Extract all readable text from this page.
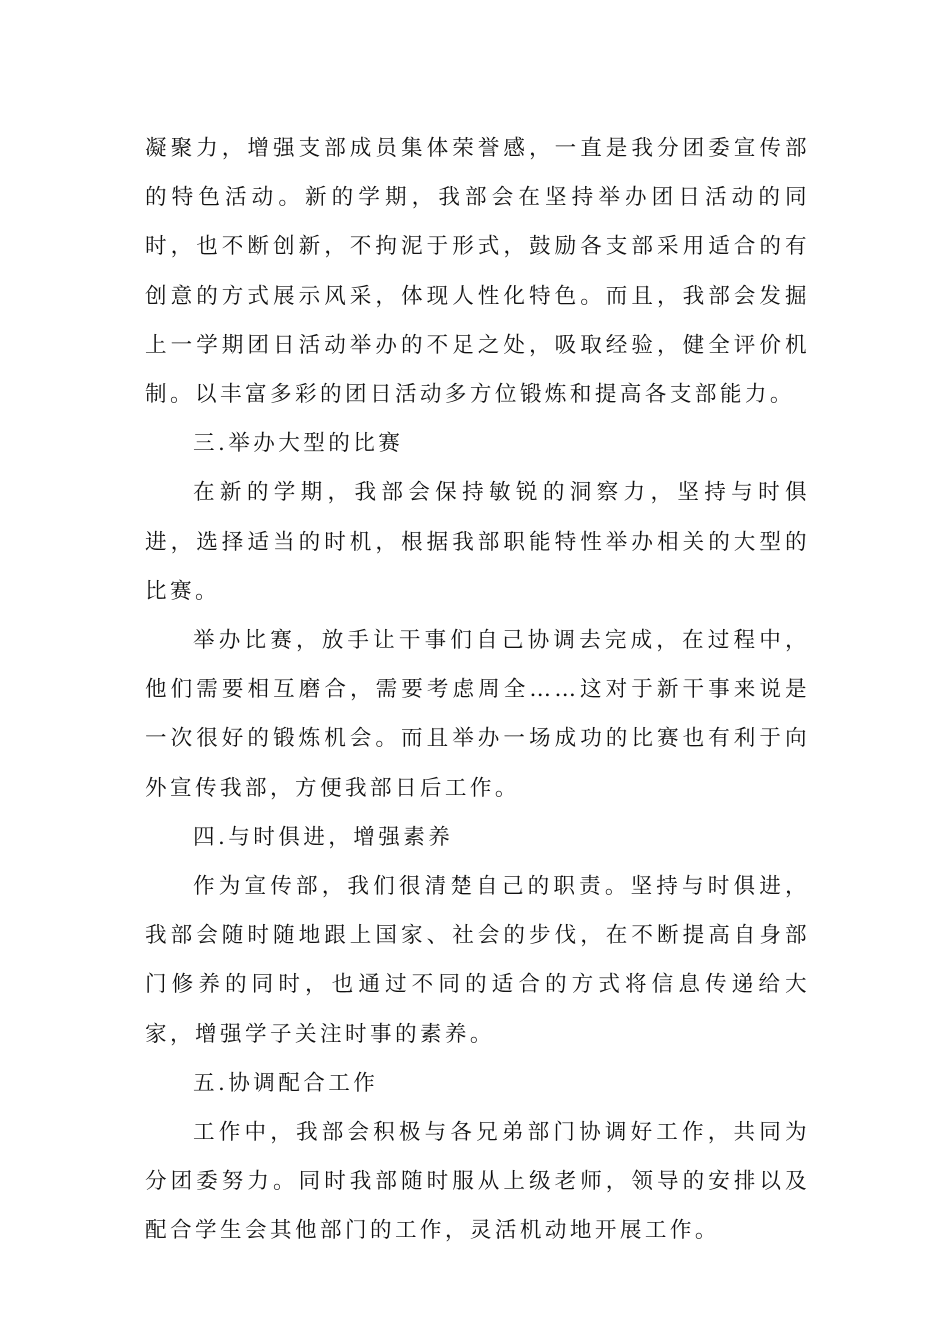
凝聚力，增强支部成员集体荣誉感，一直是我分团委宣传部的特色活动。新的学期，我部会在坚持举办团日活动的同时，也不断创新，不拘泥于形式，鼓励各支部采用适合的有创意的方式展示风采，体现人性化特色。而且，我部会发掘上一学期团日活动举办的不足之处，吸取经验，健全评价机制。以丰富多彩的团日活动多方位锻炼和提高各支部能力。

三.举办大型的比赛

在新的学期，我部会保持敏锐的洞察力，坚持与时俱进，选择适当的时机，根据我部职能特性举办相关的大型的比赛。

举办比赛，放手让干事们自己协调去完成，在过程中，他们需要相互磨合，需要考虑周全……这对于新干事来说是一次很好的锻炼机会。而且举办一场成功的比赛也有利于向外宣传我部，方便我部日后工作。

四.与时俱进，增强素养

作为宣传部，我们很清楚自己的职责。坚持与时俱进，我部会随时随地跟上国家、社会的步伐，在不断提高自身部门修养的同时，也通过不同的适合的方式将信息传递给大家，增强学子关注时事的素养。

五.协调配合工作

工作中，我部会积极与各兄弟部门协调好工作，共同为分团委努力。同时我部随时服从上级老师，领导的安排以及配合学生会其他部门的工作，灵活机动地开展工作。
